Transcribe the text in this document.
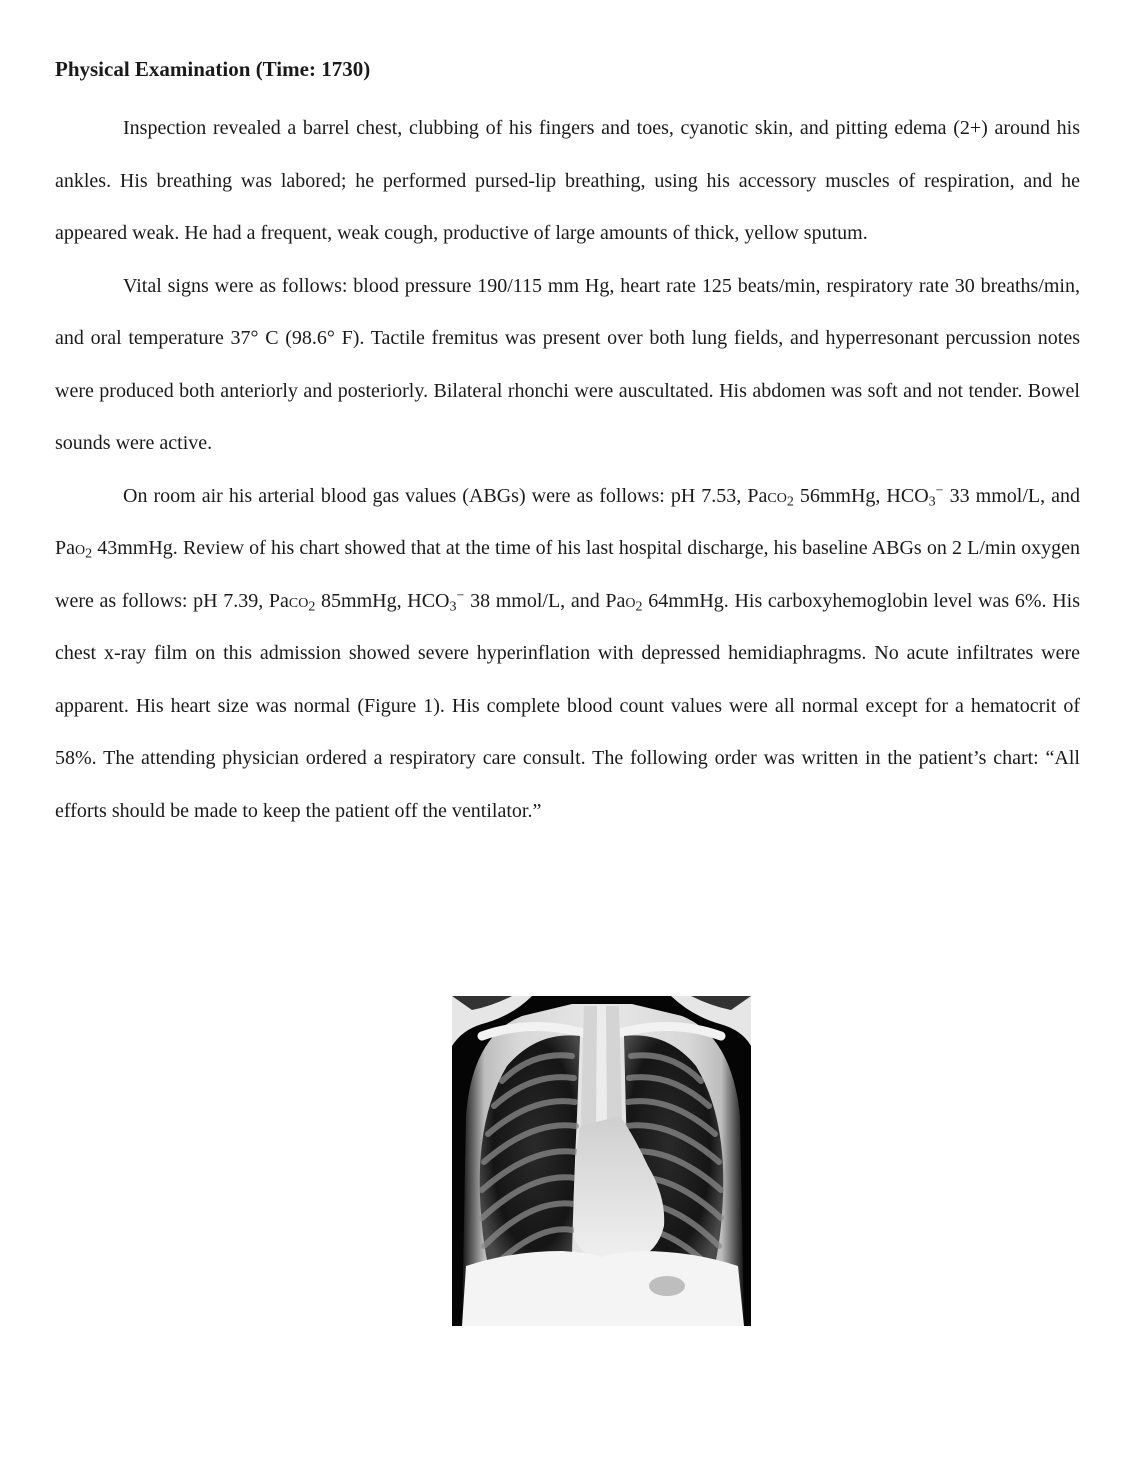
Physical Examination (Time: 1730)

Inspection revealed a barrel chest, clubbing of his fingers and toes, cyanotic skin, and pitting edema (2+) around his ankles. His breathing was labored; he performed pursed-lip breathing, using his accessory muscles of respiration, and he appeared weak. He had a frequent, weak cough, productive of large amounts of thick, yellow sputum.

Vital signs were as follows: blood pressure 190/115 mm Hg, heart rate 125 beats/min, respiratory rate 30 breaths/min, and oral temperature 37° C (98.6° F). Tactile fremitus was present over both lung fields, and hyperresonant percussion notes were produced both anteriorly and posteriorly. Bilateral rhonchi were auscultated. His abdomen was soft and not tender. Bowel sounds were active.

On room air his arterial blood gas values (ABGs) were as follows: pH 7.53, Paco$_2$ 56mmHg, $HCO_3^-$ 33 mmol/L, and Pao$_2$ 43mmHg. Review of his chart showed that at the time of his last hospital discharge, his baseline ABGs on 2 L/min oxygen were as follows: pH 7.39, Paco$_2$ 85mmHg, $HCO_3^-$ 38 mmol/L, and Pao$_2$ 64mmHg. His carboxyhemoglobin level was 6%. His chest x-ray film on this admission showed severe hyperinflation with depressed hemidiaphragms. No acute infiltrates were apparent. His heart size was normal (Figure 1). His complete blood count values were all normal except for a hematocrit of 58%. The attending physician ordered a respiratory care consult. The following order was written in the patient’s chart: “All efforts should be made to keep the patient off the ventilator.”
